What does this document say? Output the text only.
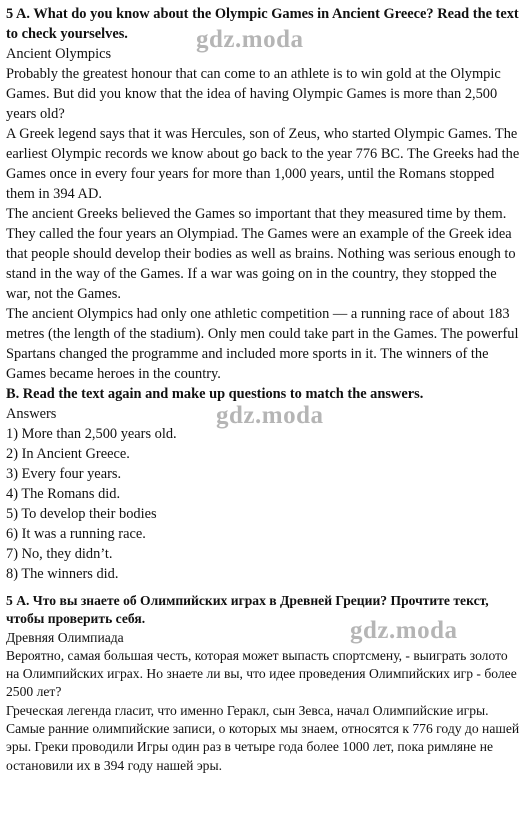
5 A. What do you know about the Olympic Games in Ancient Greece? Read the text to check yourselves.

Ancient Olympics

Probably the greatest honour that can come to an athlete is to win gold at the Olympic Games. But did you know that the idea of having Olympic Games is more than 2,500 years old?

A Greek legend says that it was Hercules, son of Zeus, who started Olympic Games. The earliest Olympic records we know about go back to the year 776 BC. The Greeks had the Games once in every four years for more than 1,000 years, until the Romans stopped them in 394 AD.

The ancient Greeks believed the Games so important that they measured time by them. They called the four years an Olympiad. The Games were an example of the Greek idea that people should develop their bodies as well as brains. Nothing was serious enough to stand in the way of the Games. If a war was going on in the country, they stopped the war, not the Games.

The ancient Olympics had only one athletic competition — a running race of about 183 metres (the length of the stadium). Only men could take part in the Games. The powerful Spartans changed the programme and included more sports in it. The winners of the Games became heroes in the country.

B. Read the text again and make up questions to match the answers.

Answers

1) More than 2,500 years old.

2) In Ancient Greece.

3) Every four years.

4) The Romans did.

5) To develop their bodies

6) It was a running race.

7) No, they didn’t.

8) The winners did.

5 А. Что вы знаете об Олимпийских играх в Древней Греции? Прочтите текст, чтобы проверить себя.

Древняя Олимпиада

Вероятно, самая большая честь, которая может выпасть спортсмену, - выиграть золото на Олимпийских играх. Но знаете ли вы, что идее проведения Олимпийских игр - более 2500 лет?

Греческая легенда гласит, что именно Геракл, сын Зевса, начал Олимпийские игры. Самые ранние олимпийские записи, о которых мы знаем, относятся к 776 году до нашей эры. Греки проводили Игры один раз в четыре года более 1000 лет, пока римляне не остановили их в 394 году нашей эры.

gdz.moda
gdz.moda
gdz.moda
